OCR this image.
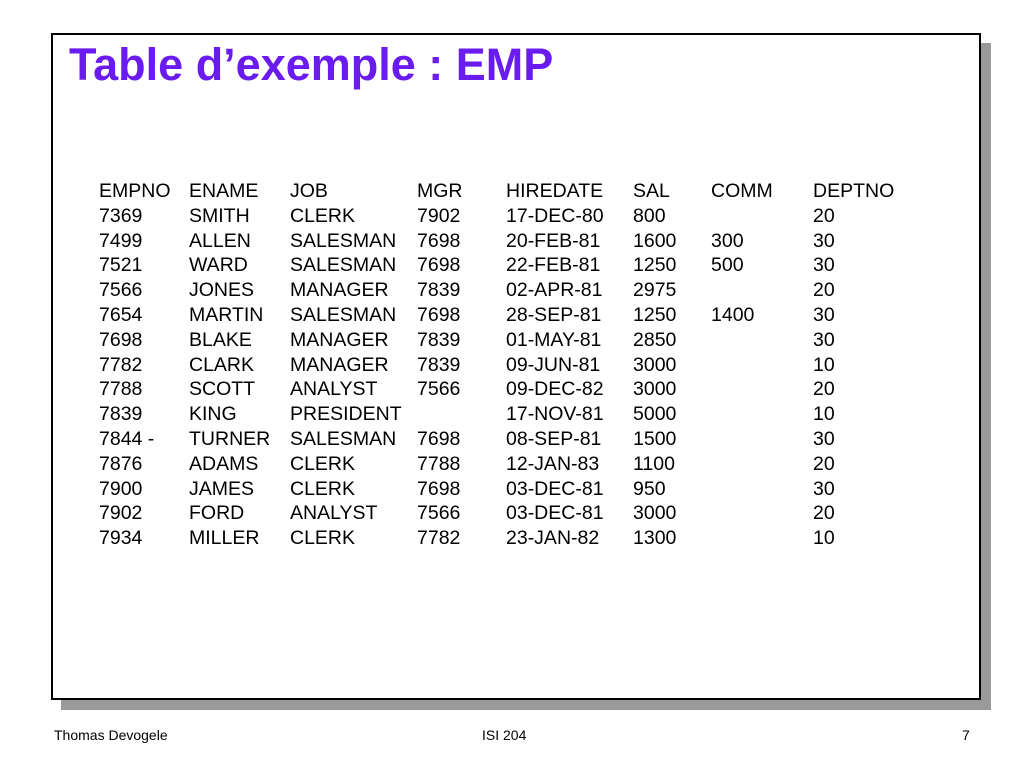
Table d’exemple : EMP
EMPNO	ENAME	JOB	MGR	HIREDATE	SAL	COMM	DEPTNO
7369	SMITH	CLERK	7902	17-DEC-80	800		20
7499	ALLEN	SALESMAN	7698	20-FEB-81	1600	300	30
7521	WARD	SALESMAN	7698	22-FEB-81	1250	500	30
7566	JONES	MANAGER	7839	02-APR-81	2975		20
7654	MARTIN	SALESMAN	7698	28-SEP-81	1250	1400	30
7698	BLAKE	MANAGER	7839	01-MAY-81	2850		30
7782	CLARK	MANAGER	7839	09-JUN-81	3000		10
7788	SCOTT	ANALYST	7566	09-DEC-82	3000		20
7839	KING	PRESIDENT		17-NOV-81	5000		10
7844 -	TURNER	SALESMAN	7698	08-SEP-81	1500		30
7876	ADAMS	CLERK	7788	12-JAN-83	1100		20
7900	JAMES	CLERK	7698	03-DEC-81	950		30
7902	FORD	ANALYST	7566	03-DEC-81	3000		20
7934	MILLER	CLERK	7782	23-JAN-82	1300		10
Thomas Devogele	ISI 204	7
